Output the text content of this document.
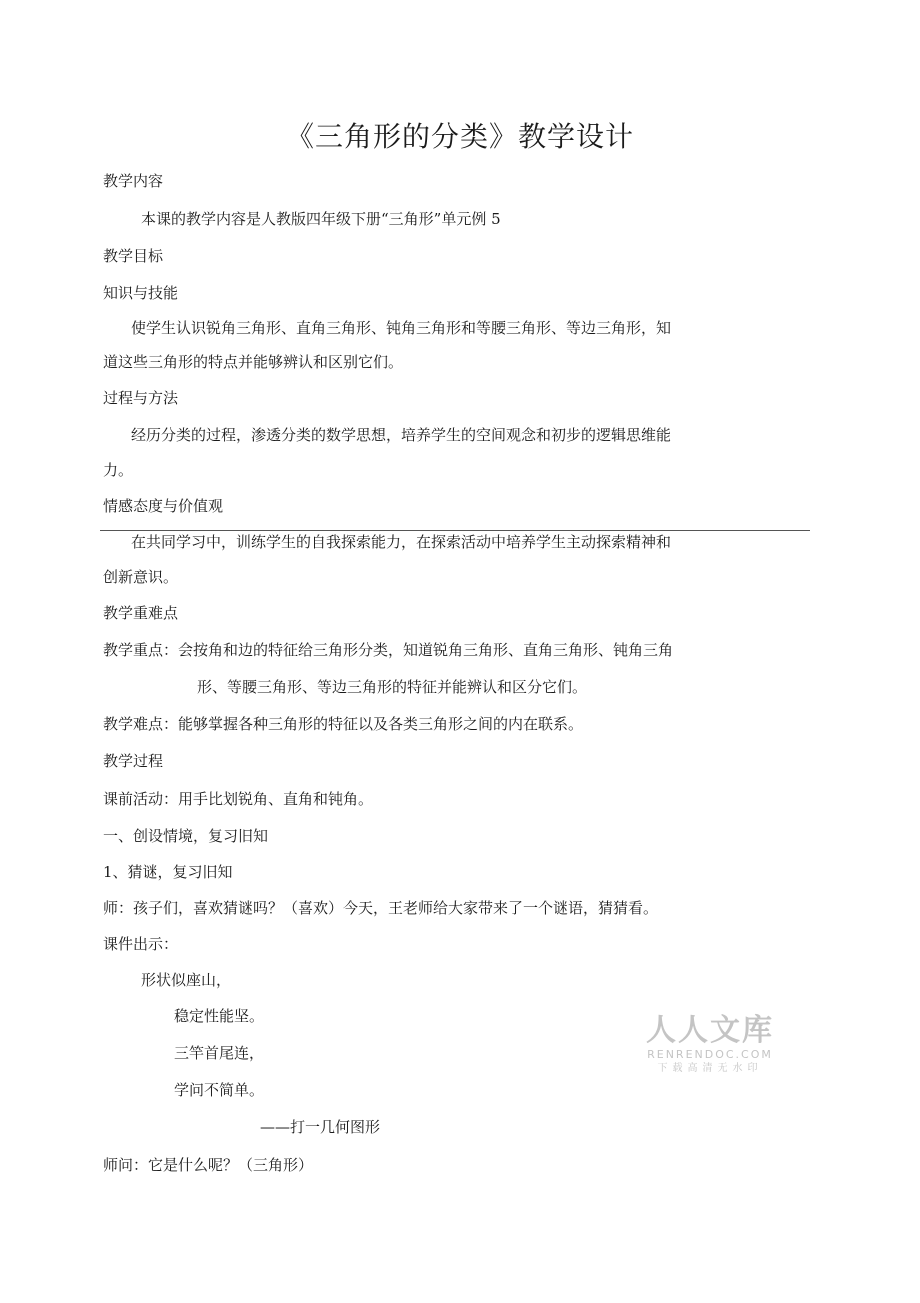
《三角形的分类》教学设计
教学内容
本课的教学内容是人教版四年级下册“三角形”单元例 5
教学目标
知识与技能
使学生认识锐角三角形、直角三角形、钝角三角形和等腰三角形、等边三角形，知
道这些三角形的特点并能够辨认和区别它们。
过程与方法
经历分类的过程，渗透分类的数学思想，培养学生的空间观念和初步的逻辑思维能
力。
情感态度与价值观
在共同学习中，训练学生的自我探索能力，在探索活动中培养学生主动探索精神和
创新意识。
教学重难点
教学重点：会按角和边的特征给三角形分类，知道锐角三角形、直角三角形、钝角三角
形、等腰三角形、等边三角形的特征并能辨认和区分它们。
教学难点：能够掌握各种三角形的特征以及各类三角形之间的内在联系。
教学过程
课前活动：用手比划锐角、直角和钝角。
一、创设情境，复习旧知
1、猜谜，复习旧知
师：孩子们，喜欢猜谜吗？（喜欢）今天，王老师给大家带来了一个谜语，猜猜看。
课件出示：
形状似座山，
稳定性能坚。
三竿首尾连，
学问不简单。
——打一几何图形
师问：它是什么呢？（三角形）
人人文库
RENRENDOC.COM
下载高清无水印
